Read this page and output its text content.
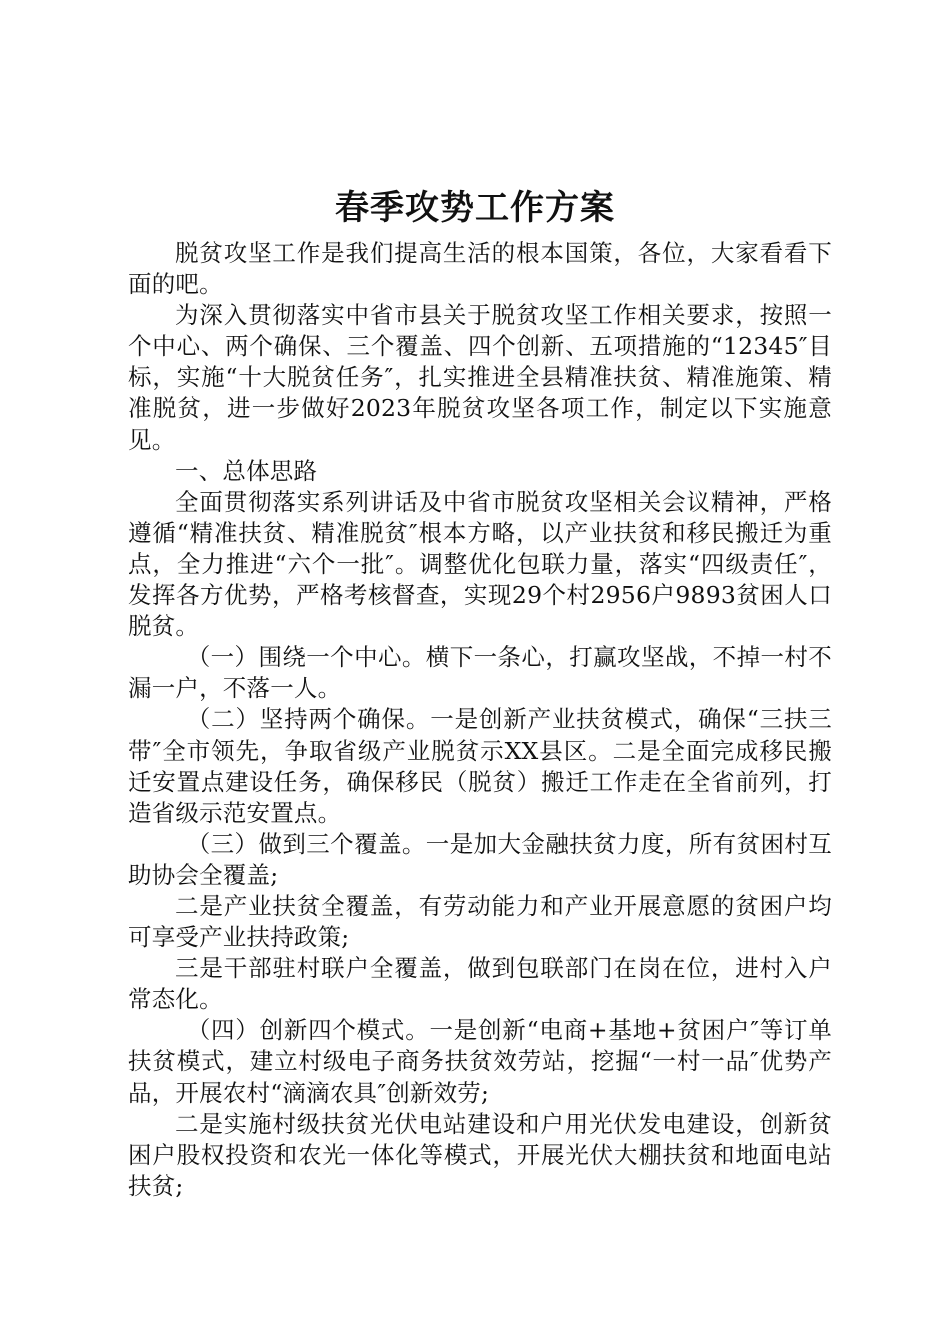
春季攻势工作方案

脱贫攻坚工作是我们提高生活的根本国策，各位，大家看看下面的吧。

为深入贯彻落实中省市县关于脱贫攻坚工作相关要求，按照一个中心、两个确保、三个覆盖、四个创新、五项措施的“12345″目标，实施“十大脱贫任务″，扎实推进全县精准扶贫、精准施策、精准脱贫，进一步做好2023年脱贫攻坚各项工作，制定以下实施意见。

一、总体思路

全面贯彻落实系列讲话及中省市脱贫攻坚相关会议精神，严格遵循“精准扶贫、精准脱贫″根本方略，以产业扶贫和移民搬迁为重点，全力推进“六个一批″。调整优化包联力量，落实“四级责任″，发挥各方优势，严格考核督查，实现29个村2956户9893贫困人口脱贫。

（一）围绕一个中心。横下一条心，打赢攻坚战，不掉一村不漏一户，不落一人。

（二）坚持两个确保。一是创新产业扶贫模式，确保“三扶三带″全市领先，争取省级产业脱贫示XX县区。二是全面完成移民搬迁安置点建设任务，确保移民（脱贫）搬迁工作走在全省前列，打造省级示范安置点。

（三）做到三个覆盖。一是加大金融扶贫力度，所有贫困村互助协会全覆盖;

二是产业扶贫全覆盖，有劳动能力和产业开展意愿的贫困户均可享受产业扶持政策;

三是干部驻村联户全覆盖，做到包联部门在岗在位，进村入户常态化。

（四）创新四个模式。一是创新“电商+基地+贫困户″等订单扶贫模式，建立村级电子商务扶贫效劳站，挖掘“一村一品″优势产品，开展农村“滴滴农具″创新效劳;

二是实施村级扶贫光伏电站建设和户用光伏发电建设，创新贫困户股权投资和农光一体化等模式，开展光伏大棚扶贫和地面电站扶贫;
